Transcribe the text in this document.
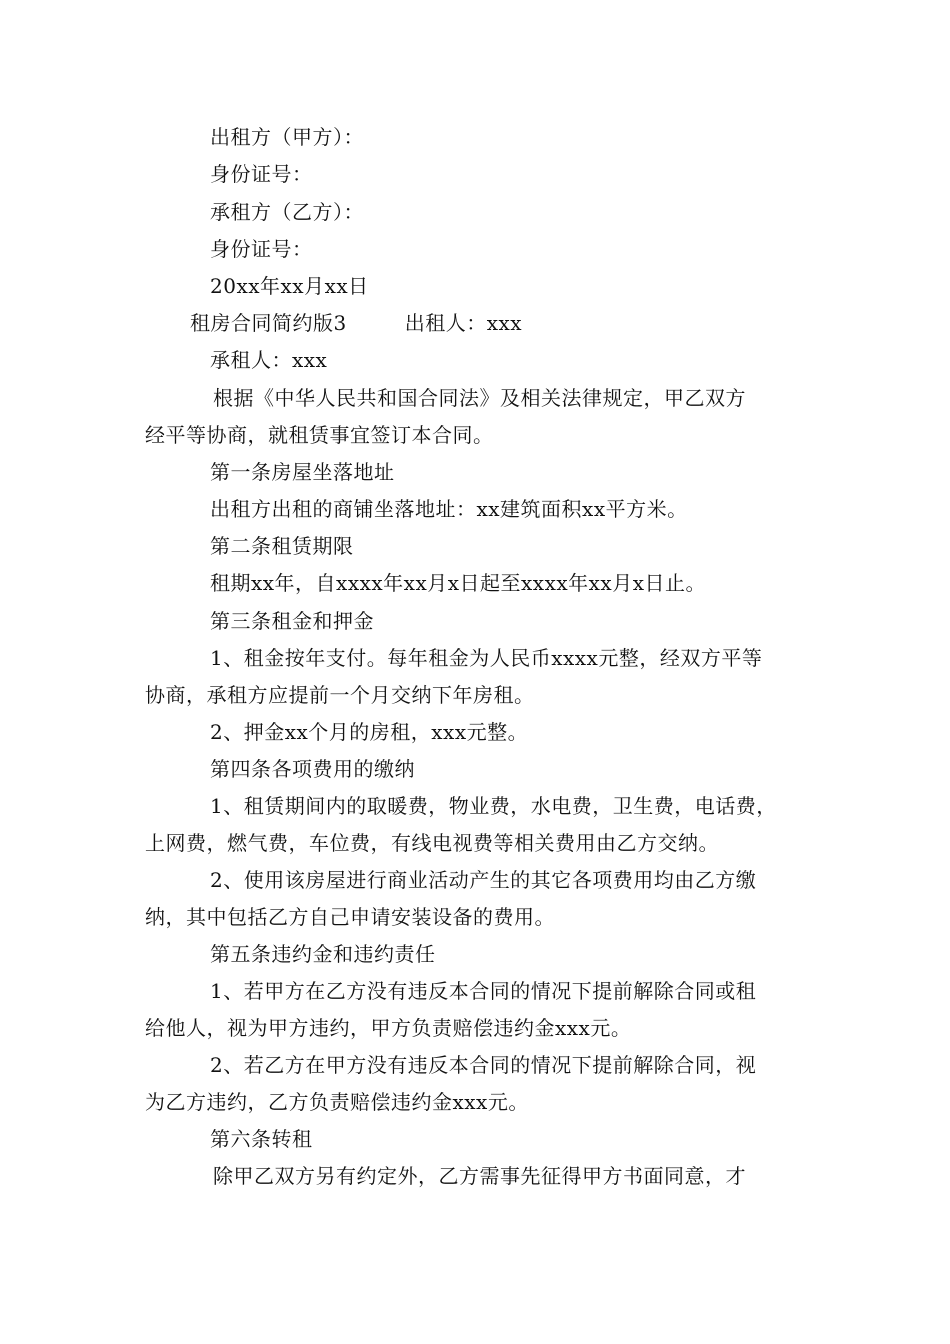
出租方（甲方）：
身份证号：
承租方（乙方）：
身份证号：
20xx年xx月xx日
租房合同简约版3	出租人：xxx
承租人：xxx
根据《中华人民共和国合同法》及相关法律规定，甲乙双方
经平等协商，就租赁事宜签订本合同。
第一条房屋坐落地址
出租方出租的商铺坐落地址：xx建筑面积xx平方米。
第二条租赁期限
租期xx年，自xxxx年xx月x日起至xxxx年xx月x日止。
第三条租金和押金
1、租金按年支付。每年租金为人民币xxxx元整，经双方平等
协商，承租方应提前一个月交纳下年房租。
2、押金xx个月的房租，xxx元整。
第四条各项费用的缴纳
1、租赁期间内的取暖费，物业费，水电费，卫生费，电话费，
上网费，燃气费，车位费，有线电视费等相关费用由乙方交纳。
2、使用该房屋进行商业活动产生的其它各项费用均由乙方缴
纳，其中包括乙方自己申请安装设备的费用。
第五条违约金和违约责任
1、若甲方在乙方没有违反本合同的情况下提前解除合同或租
给他人，视为甲方违约，甲方负责赔偿违约金xxx元。
2、若乙方在甲方没有违反本合同的情况下提前解除合同，视
为乙方违约，乙方负责赔偿违约金xxx元。
第六条转租
除甲乙双方另有约定外，乙方需事先征得甲方书面同意，才
